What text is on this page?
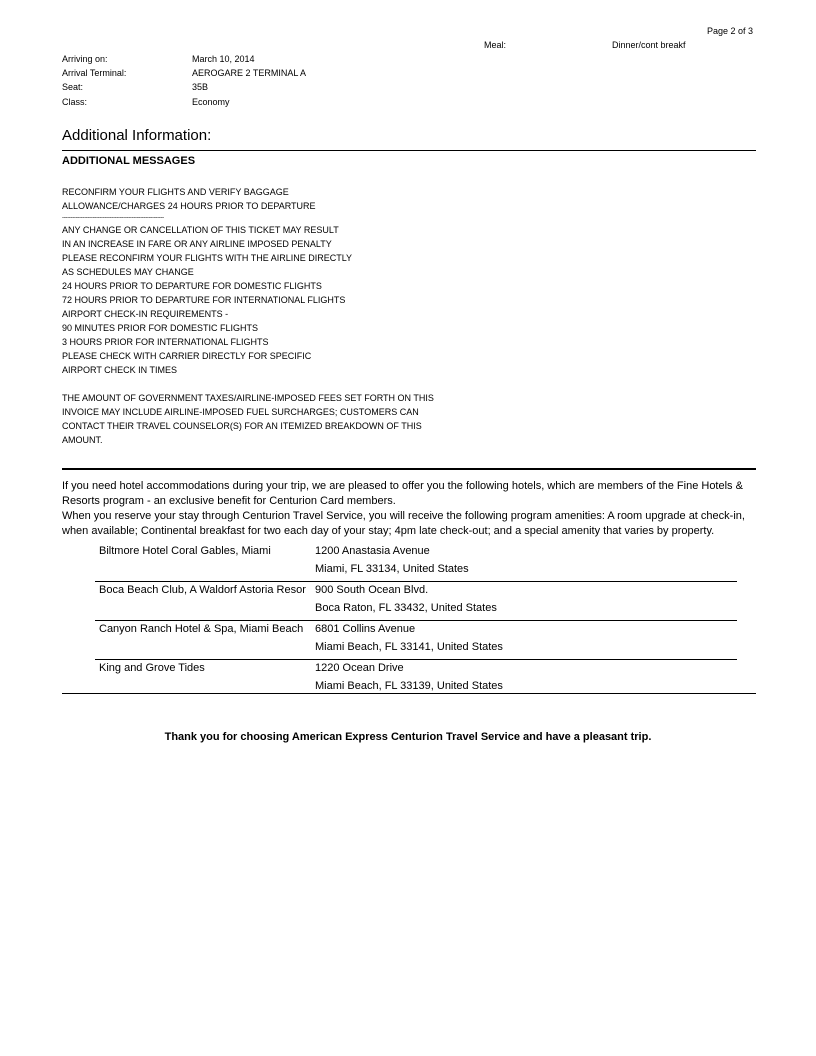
Page 2 of 3
Meal:	Dinner/cont breakf
Arriving on:	March 10, 2014
Arrival Terminal:	AEROGARE 2 TERMINAL A
Seat:	35B
Class:	Economy
Additional Information:
ADDITIONAL MESSAGES
RECONFIRM YOUR FLIGHTS AND VERIFY BAGGAGE
ALLOWANCE/CHARGES 24 HOURS PRIOR TO DEPARTURE
------------------------------------------------------------
ANY CHANGE OR CANCELLATION OF THIS TICKET MAY RESULT
IN AN INCREASE IN FARE OR ANY AIRLINE IMPOSED PENALTY
PLEASE RECONFIRM YOUR FLIGHTS WITH THE AIRLINE DIRECTLY
AS SCHEDULES MAY CHANGE
24 HOURS PRIOR TO DEPARTURE FOR DOMESTIC FLIGHTS
72 HOURS PRIOR TO DEPARTURE FOR INTERNATIONAL FLIGHTS
AIRPORT CHECK-IN REQUIREMENTS -
90 MINUTES PRIOR FOR DOMESTIC FLIGHTS
3 HOURS PRIOR FOR INTERNATIONAL FLIGHTS
PLEASE CHECK WITH CARRIER DIRECTLY FOR SPECIFIC
AIRPORT CHECK IN TIMES
THE AMOUNT OF GOVERNMENT TAXES/AIRLINE-IMPOSED FEES SET FORTH ON THIS
INVOICE MAY INCLUDE AIRLINE-IMPOSED FUEL SURCHARGES; CUSTOMERS CAN
CONTACT THEIR TRAVEL COUNSELOR(S) FOR AN ITEMIZED BREAKDOWN OF THIS
AMOUNT.
If you need hotel accommodations during your trip, we are pleased to offer you the following hotels, which are members of the Fine Hotels & Resorts program - an exclusive benefit for Centurion Card members.
When you reserve your stay through Centurion Travel Service, you will receive the following program amenities: A room upgrade at check-in, when available; Continental breakfast for two each day of your stay; 4pm late check-out; and a special amenity that varies by property.
Biltmore Hotel Coral Gables, Miami	1200 Anastasia Avenue
Miami, FL 33134, United States
Boca Beach Club, A Waldorf Astoria Resor 900 South Ocean Blvd.
Boca Raton, FL 33432, United States
Canyon Ranch Hotel & Spa, Miami Beach 6801 Collins Avenue
Miami Beach, FL 33141, United States
King and Grove Tides	1220 Ocean Drive
Miami Beach, FL 33139, United States
Thank you for choosing American Express Centurion Travel Service and have a pleasant trip.
